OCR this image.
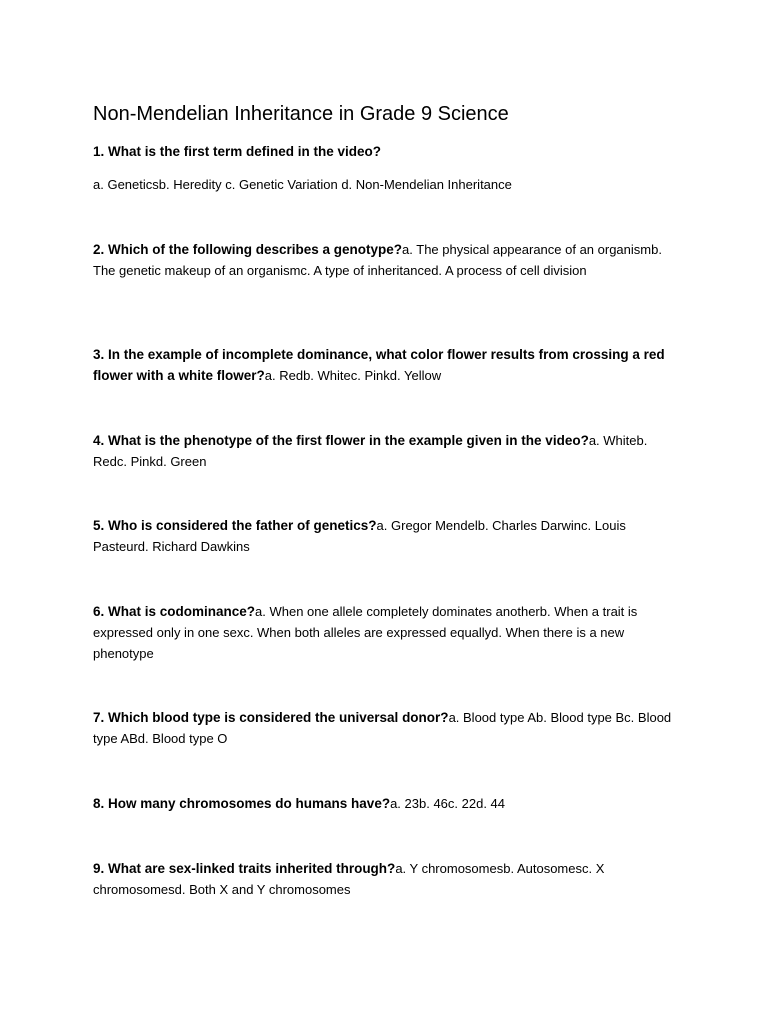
Non-Mendelian Inheritance in Grade 9 Science

1. What is the first term defined in the video?

a. Geneticsb. Heredity c. Genetic Variation d. Non-Mendelian Inheritance

2. Which of the following describes a genotype?a. The physical appearance of an organismb. The genetic makeup of an organismc. A type of inheritanced. A process of cell division

3. In the example of incomplete dominance, what color flower results from crossing a red flower with a white flower?a. Redb. Whitec. Pinkd. Yellow

4. What is the phenotype of the first flower in the example given in the video?a. Whiteb. Redc. Pinkd. Green

5. Who is considered the father of genetics?a. Gregor Mendelb. Charles Darwinc. Louis Pasteurd. Richard Dawkins

6. What is codominance?a. When one allele completely dominates anotherb. When a trait is expressed only in one sexc. When both alleles are expressed equallyd. When there is a new phenotype

7. Which blood type is considered the universal donor?a. Blood type Ab. Blood type Bc. Blood type ABd. Blood type O

8. How many chromosomes do humans have?a. 23b. 46c. 22d. 44

9. What are sex-linked traits inherited through?a. Y chromosomesb. Autosomesc. X chromosomesd. Both X and Y chromosomes
